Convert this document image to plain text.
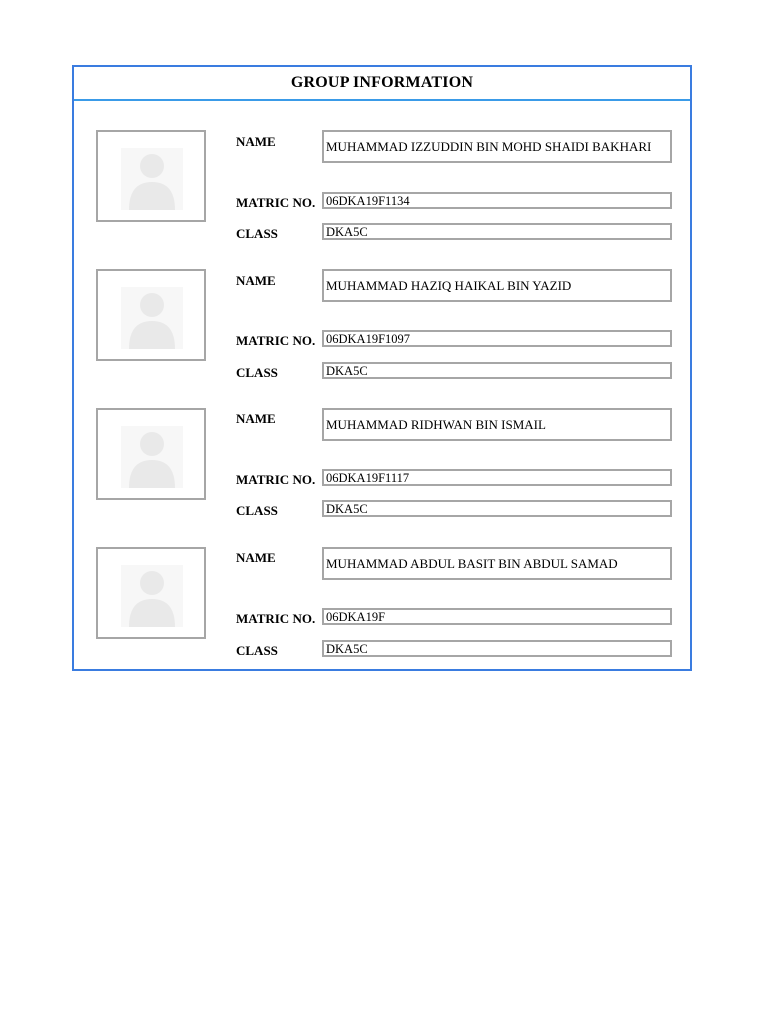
GROUP INFORMATION
NAME	MUHAMMAD IZZUDDIN BIN MOHD SHAIDI BAKHARI
MATRIC NO. 06DKA19F1134
CLASS	DKA5C
NAME	MUHAMMAD HAZIQ HAIKAL BIN YAZID
MATRIC NO. 06DKA19F1097
CLASS	DKA5C
NAME	MUHAMMAD RIDHWAN BIN ISMAIL
MATRIC NO. 06DKA19F1117
CLASS	DKA5C
NAME	MUHAMMAD ABDUL BASIT BIN ABDUL SAMAD
MATRIC NO. 06DKA19F
CLASS	DKA5C
